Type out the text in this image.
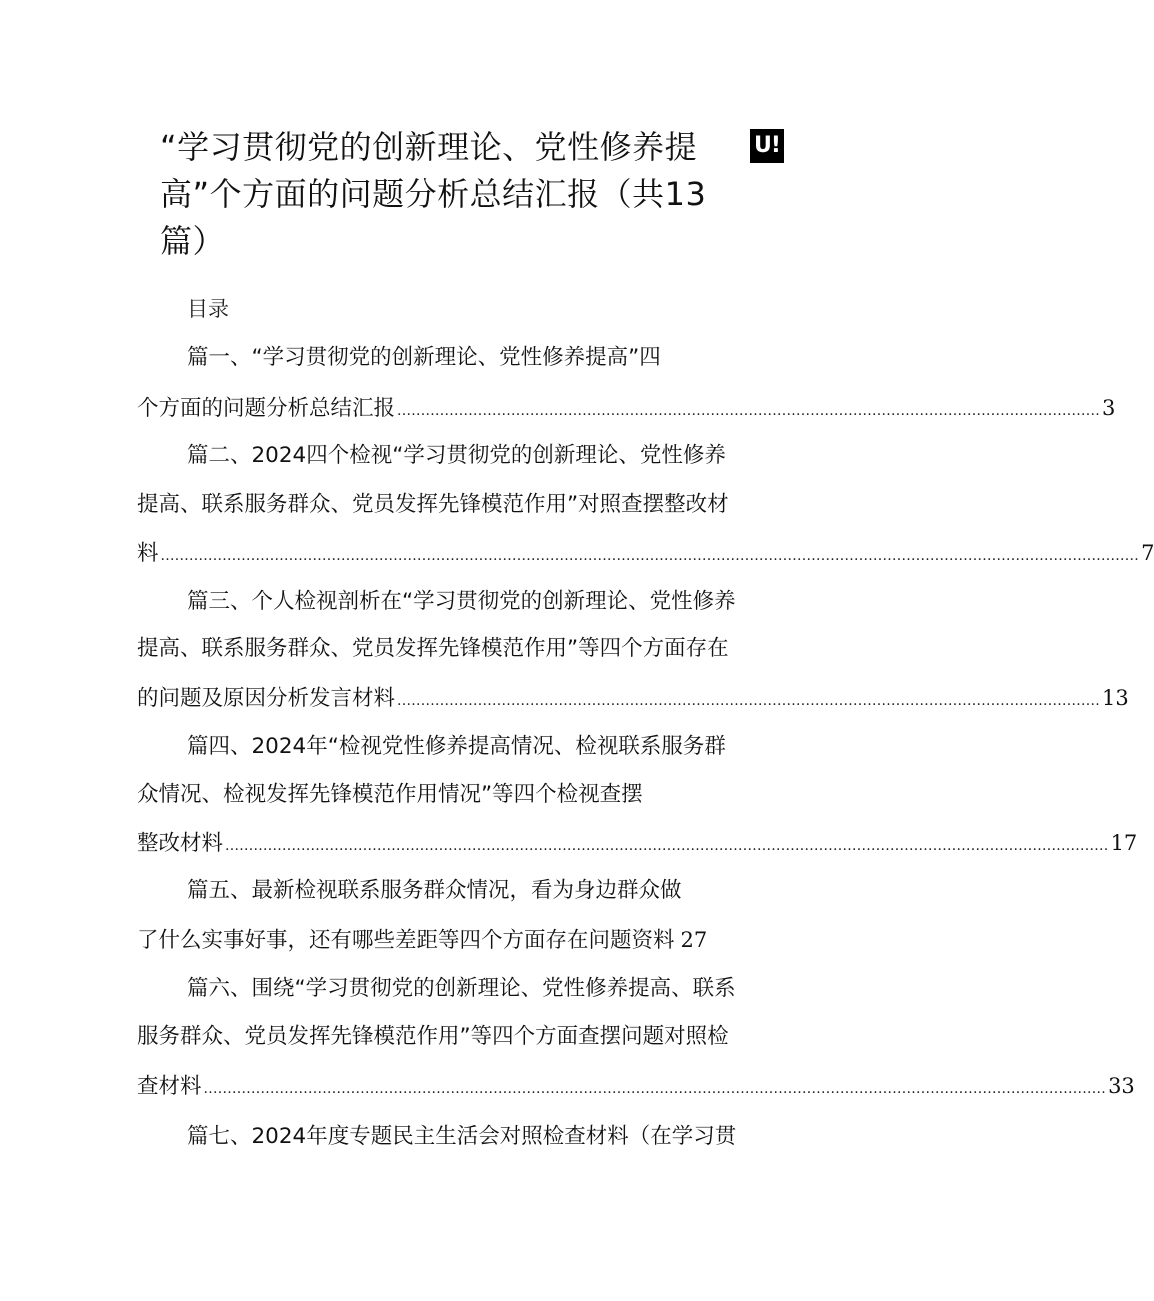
“学习贯彻党的创新理论、党性修养提高”个方面的问题分析总结汇报（共13篇）
U!
目录
篇一、“学习贯彻党的创新理论、党性修养提高”四
个方面的问题分析总结汇报 .................................................................................................................................................... 3
篇二、2024四个检视“学习贯彻党的创新理论、党性修养
提高、联系服务群众、党员发挥先锋模范作用”对照查摆整改材
料 .............................................................................................................................................................................................................. 7
篇三、个人检视剖析在“学习贯彻党的创新理论、党性修养
提高、联系服务群众、党员发挥先锋模范作用”等四个方面存在
的问题及原因分析发言材料 .................................................................................................................................................... 13
篇四、2024年“检视党性修养提高情况、检视联系服务群
众情况、检视发挥先锋模范作用情况”等四个检视查摆
整改材料 .......................................................................................................................................................................................... 17
篇五、最新检视联系服务群众情况，看为身边群众做
了什么实事好事，还有哪些差距等四个方面存在问题资料 27
篇六、围绕“学习贯彻党的创新理论、党性修养提高、联系
服务群众、党员发挥先锋模范作用”等四个方面查摆问题对照检
查材料 .............................................................................................................................................................................................. 33
篇七、2024年度专题民主生活会对照检查材料（在学习贯
